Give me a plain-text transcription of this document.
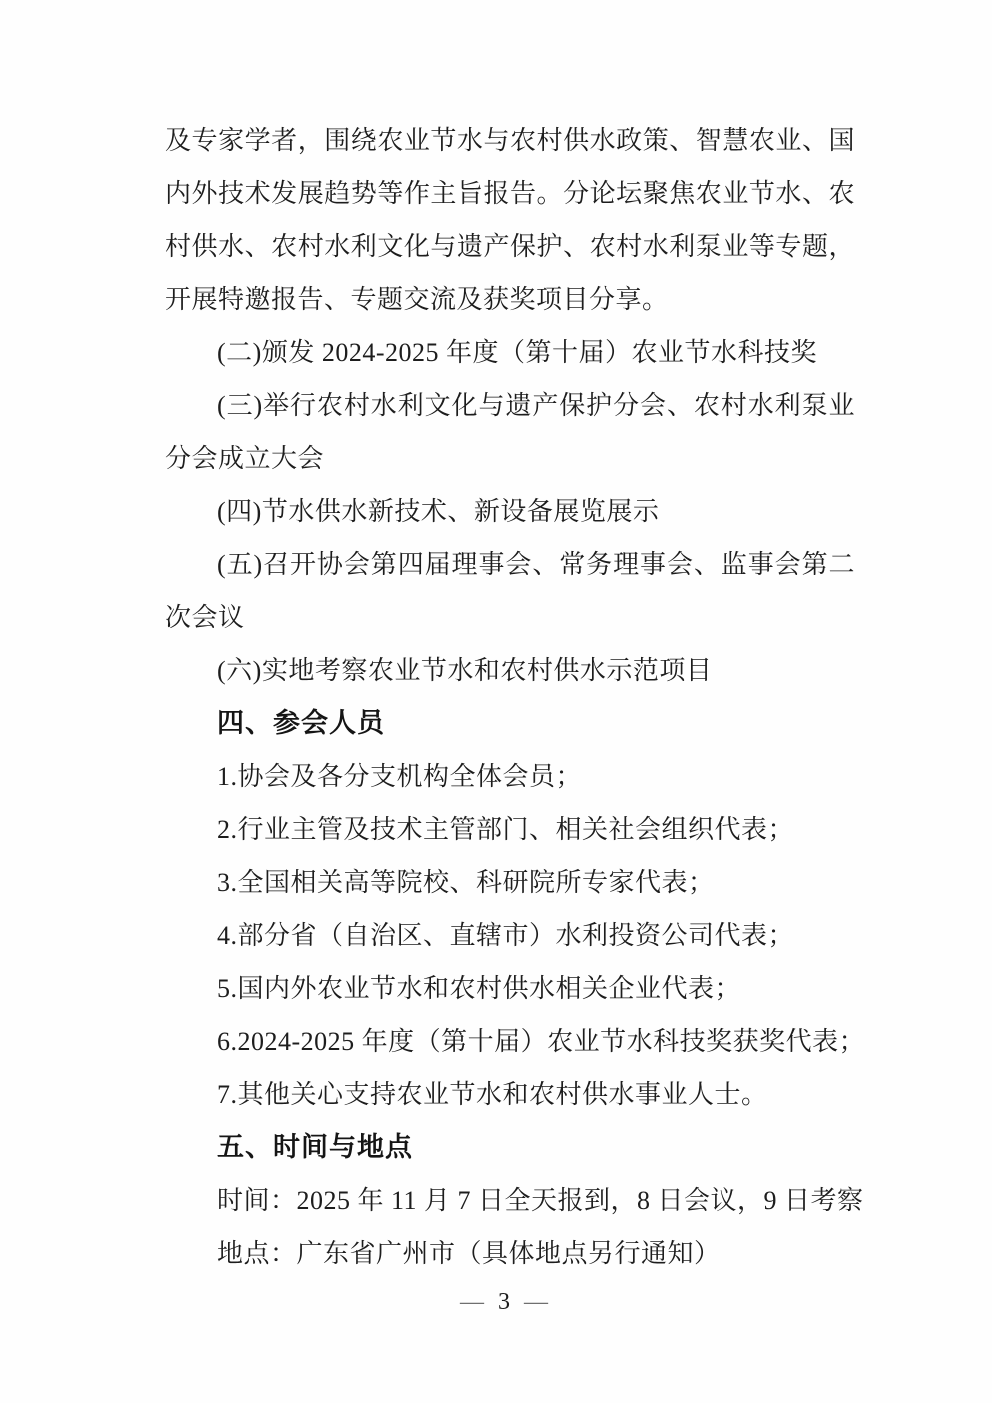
及专家学者，围绕农业节水与农村供水政策、智慧农业、国
内外技术发展趋势等作主旨报告。分论坛聚焦农业节水、农
村供水、农村水利文化与遗产保护、农村水利泵业等专题，
开展特邀报告、专题交流及获奖项目分享。
(二)颁发 2024-2025 年度（第十届）农业节水科技奖
(三)举行农村水利文化与遗产保护分会、农村水利泵业
分会成立大会
(四)节水供水新技术、新设备展览展示
(五)召开协会第四届理事会、常务理事会、监事会第二
次会议
(六)实地考察农业节水和农村供水示范项目
四、参会人员
1.协会及各分支机构全体会员；
2.行业主管及技术主管部门、相关社会组织代表；
3.全国相关高等院校、科研院所专家代表；
4.部分省（自治区、直辖市）水利投资公司代表；
5.国内外农业节水和农村供水相关企业代表；
6.2024-2025 年度（第十届）农业节水科技奖获奖代表；
7.其他关心支持农业节水和农村供水事业人士。
五、时间与地点
时间：2025 年 11 月 7 日全天报到，8 日会议，9 日考察
地点：广东省广州市（具体地点另行通知）
— 3 —
